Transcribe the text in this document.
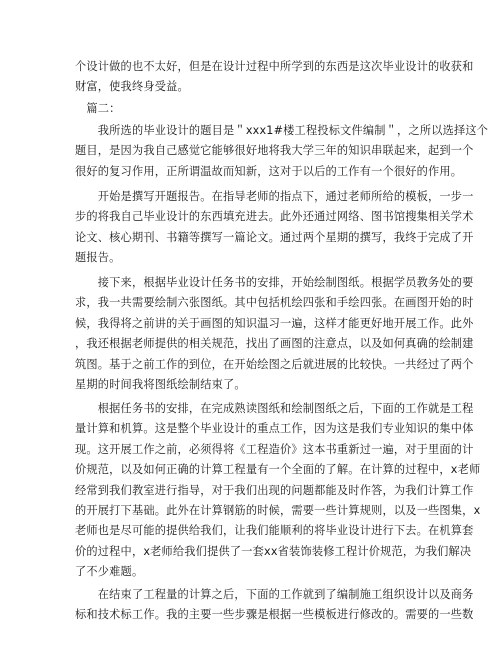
个设计做的也不太好，但是在设计过程中所学到的东西是这次毕业设计的收获和
财富，使我终身受益。

　篇二：

　　我所选的毕业设计的题目是＂xxx1#楼工程投标文件编制＂，之所以选择这个
题目，是因为我自己感觉它能够很好地将我大学三年的知识串联起来，起到一个
很好的复习作用，正所谓温故而知新，这对于以后的工作有一个很好的作用。

　　开始是撰写开题报告。在指导老师的指点下，通过老师所给的模板，一步一
步的将我自己毕业设计的东西填充进去。此外还通过网络、图书馆搜集相关学术
论文、核心期刊、书籍等撰写一篇论文。通过两个星期的撰写，我终于完成了开
题报告。

　　接下来，根据毕业设计任务书的安排，开始绘制图纸。根据学员教务处的要
求，我一共需要绘制六张图纸。其中包括机绘四张和手绘四张。在画图开始的时
候，我得将之前讲的关于画图的知识温习一遍，这样才能更好地开展工作。此外
，我还根据老师提供的相关规范，找出了画图的注意点，以及如何真确的绘制建
筑图。基于之前工作的到位，在开始绘图之后就进展的比较快。一共经过了两个
星期的时间我将图纸绘制结束了。

　　根据任务书的安排，在完成熟读图纸和绘制图纸之后，下面的工作就是工程
量计算和机算。这是整个毕业设计的重点工作，因为这是我们专业知识的集中体
现。这开展工作之前，必须得将《工程造价》这本书重新过一遍，对于里面的计
价规范，以及如何正确的计算工程量有一个全面的了解。在计算的过程中，x老师
经常到我们教室进行指导，对于我们出现的问题都能及时作答，为我们计算工作
的开展打下基础。此外在计算钢筋的时候，需要一些计算规则，以及一些图集，x
老师也是尽可能的提供给我们，让我们能顺利的将毕业设计进行下去。在机算套
价的过程中，x老师给我们提供了一套xx省装饰装修工程计价规范，为我们解决
了不少难题。

　　在结束了工程量的计算之后，下面的工作就到了编制施工组织设计以及商务
标和技术标工作。我的主要一些步骤是根据一些模板进行修改的。需要的一些数
